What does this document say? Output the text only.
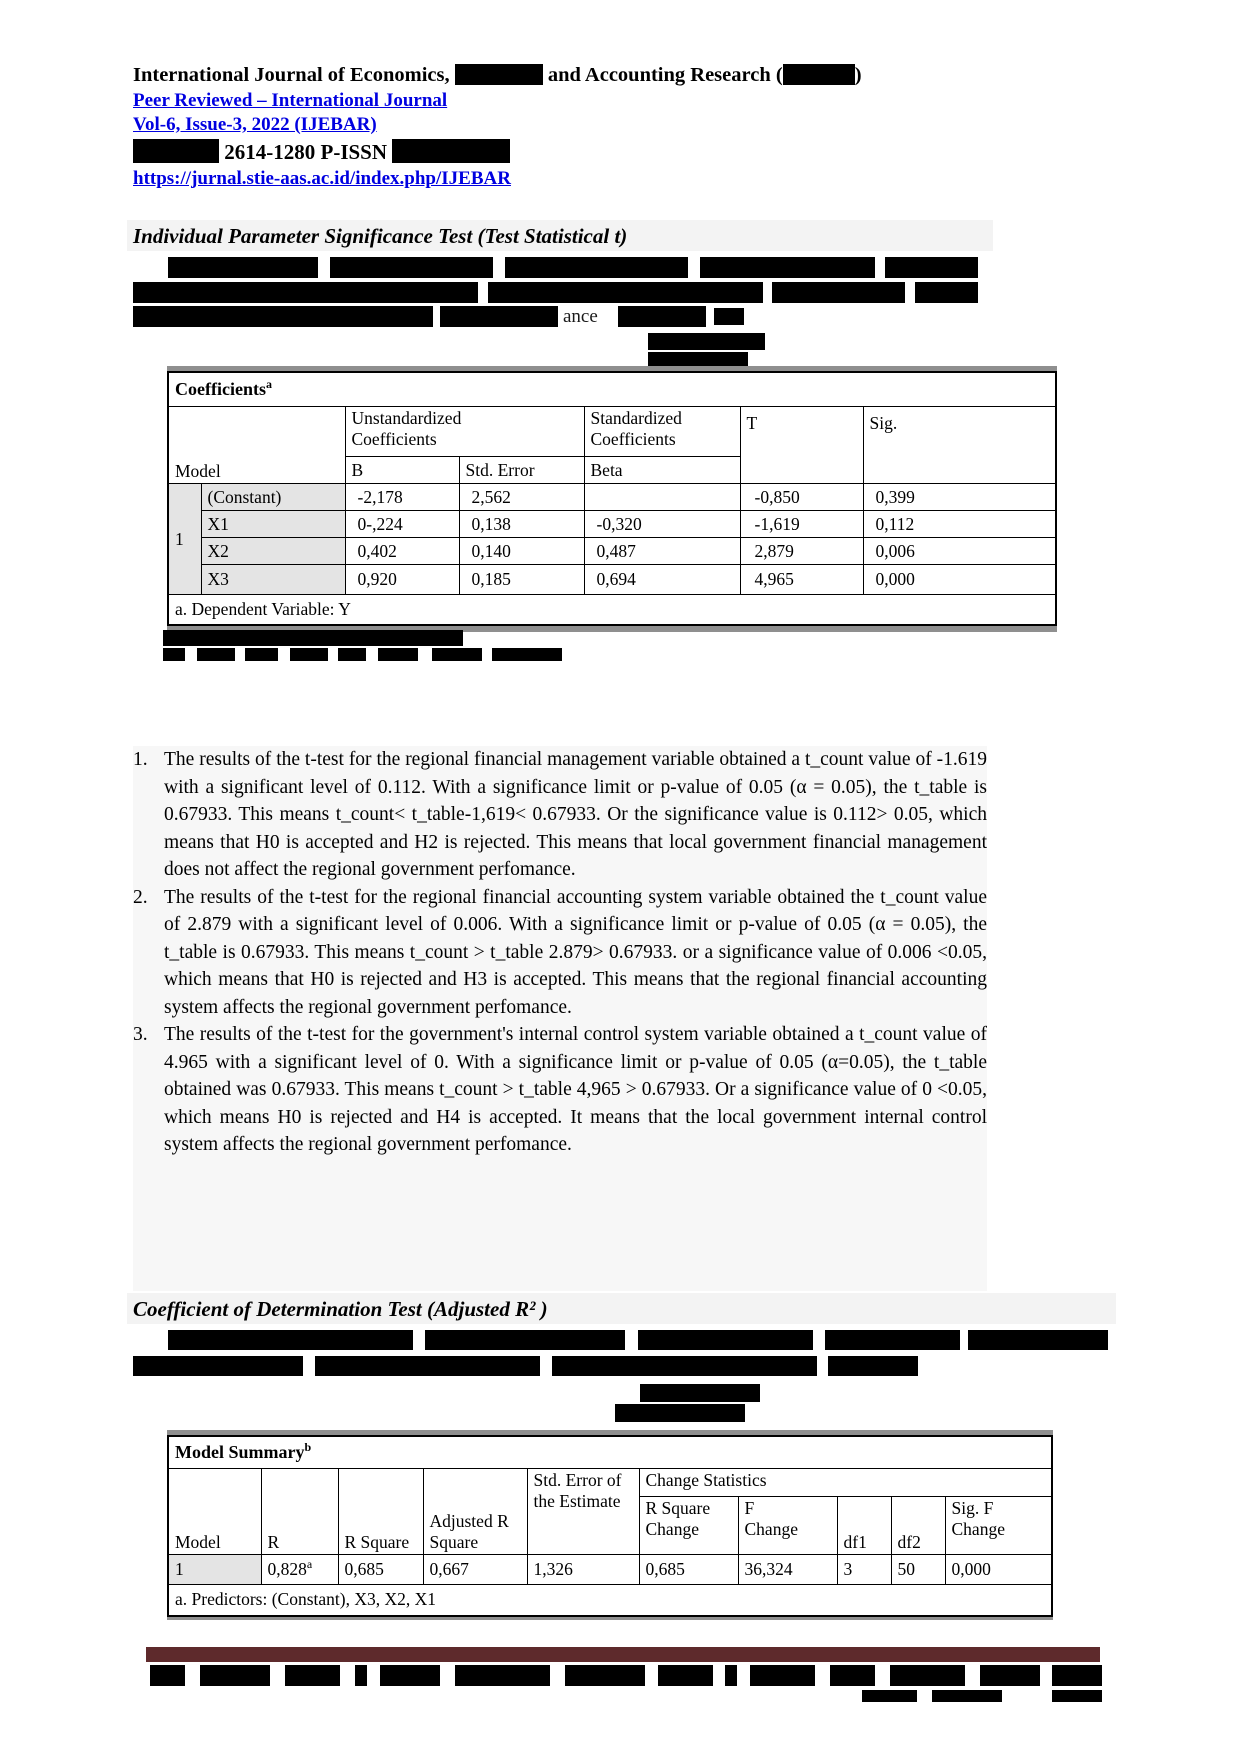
International Journal of Economics,	and Accounting Research (	)
Peer Reviewed – International Journal
Vol-6, Issue-3, 2022 (IJEBAR)
2614-1280 P-ISSN
https://jurnal.stie-aas.ac.id/index.php/IJEBAR
Individual Parameter Significance Test (Test Statistical t)
ance
Coefficients$^a$
Model		Unstandardized Coefficients		Standardized Coefficients	T	Sig.
		B	Std. Error	Beta		
1	(Constant)	-2,178	2,562		-0,850	0,399
	X1	0-,224	0,138	-0,320	-1,619	0,112
	X2	0,402	0,140	0,487	2,879	0,006
	X3	0,920	0,185	0,694	4,965	0,000
a. Dependent Variable: Y						
1. The results of the t-test for the regional financial management variable obtained a t_count value of -1.619 with a significant level of 0.112. With a significance limit or p-value of 0.05 (α = 0.05), the t_table is 0.67933. This means t_count< t_table-1,619< 0.67933. Or the significance value is 0.112> 0.05, which means that H0 is accepted and H2 is rejected. This means that local government financial management does not affect the regional government perfomance.
2. The results of the t-test for the regional financial accounting system variable obtained the t_count value of 2.879 with a significant level of 0.006. With a significance limit or p-value of 0.05 (α = 0.05), the t_table is 0.67933. This means t_count > t_table 2.879> 0.67933. or a significance value of 0.006 <0.05, which means that H0 is rejected and H3 is accepted. This means that the regional financial accounting system affects the regional government perfomance.
3. The results of the t-test for the government's internal control system variable obtained a t_count value of 4.965 with a significant level of 0. With a significance limit or p-value of 0.05 (α=0.05), the t_table obtained was 0.67933. This means t_count > t_table 4,965 > 0.67933. Or a significance value of 0 <0.05, which means H0 is rejected and H4 is accepted. It means that the local government internal control system affects the regional government perfomance.
Coefficient of Determination Test (Adjusted R² )
Model Summary$^b$
Model	R	R Square	Adjusted R Square	Std. Error of the Estimate	Change Statistics				
					R Square Change	F Change	df1	df2	Sig. F Change
1	0,828$^a$	0,685	0,667	1,326	0,685	36,324	3	50	0,000
a. Predictors: (Constant), X3, X2, X1									
